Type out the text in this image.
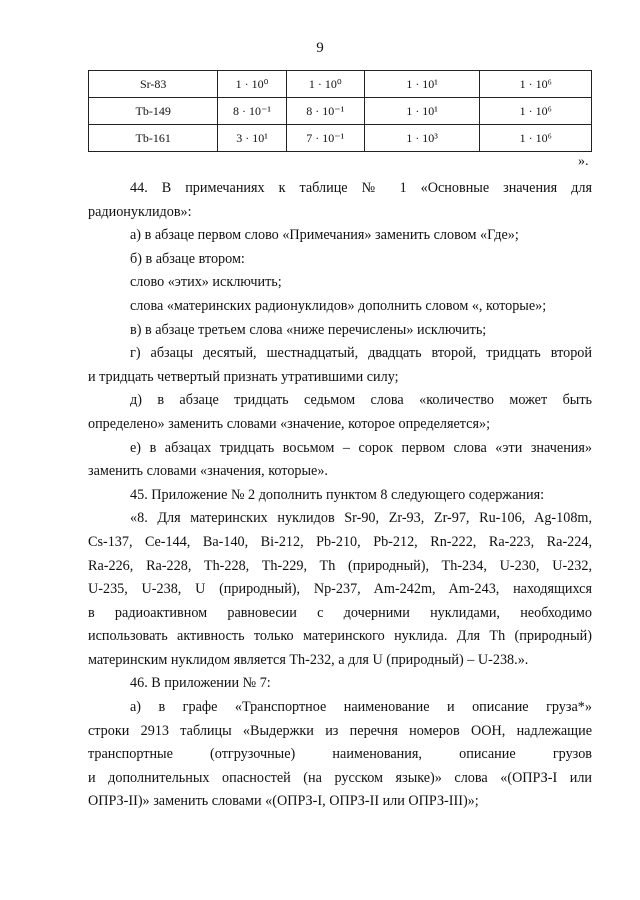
9
Sr-83	1 · 10⁰	1 · 10⁰	1 · 10¹	1 · 10⁶
Tb-149	8 · 10⁻¹	8 · 10⁻¹	1 · 10¹	1 · 10⁶
Tb-161	3 · 10¹	7 · 10⁻¹	1 · 10³	1 · 10⁶
».

44. В примечаниях к таблице № 1 «Основные значения для

радионуклидов»:

а) в абзаце первом слово «Примечания» заменить словом «Где»;

б) в абзаце втором:

слово «этих» исключить;

слова «материнских радионуклидов» дополнить словом «, которые»;

в) в абзаце третьем слова «ниже перечислены» исключить;

г) абзацы десятый, шестнадцатый, двадцать второй, тридцать второй

и тридцать четвертый признать утратившими силу;

д) в абзаце тридцать седьмом слова «количество может быть

определено» заменить словами «значение, которое определяется»;

е) в абзацах тридцать восьмом – сорок первом слова «эти значения»

заменить словами «значения, которые».

45. Приложение № 2 дополнить пунктом 8 следующего содержания:

«8. Для материнских нуклидов Sr-90, Zr-93, Zr-97, Ru-106, Ag-108m,

Cs-137, Ce-144, Ba-140, Bi-212, Pb-210, Pb-212, Rn-222, Ra-223, Ra-224,

Ra-226, Ra-228, Th-228, Th-229, Th (природный), Th-234, U-230, U-232,

U-235, U-238, U (природный), Np-237, Am-242m, Am-243, находящихся

в радиоактивном равновесии с дочерними нуклидами, необходимо

использовать активность только материнского нуклида. Для Th (природный)

материнским нуклидом является Th-232, а для U (природный) – U-238.».

46. В приложении № 7:

а) в графе «Транспортное наименование и описание груза*»

строки 2913 таблицы «Выдержки из перечня номеров ООН, надлежащие

транспортные (отгрузочные) наименования, описание грузов

и дополнительных опасностей (на русском языке)» слова «(ОПРЗ-I или

ОПРЗ-II)» заменить словами «(ОПРЗ-I, ОПРЗ-II или ОПРЗ-III)»;
